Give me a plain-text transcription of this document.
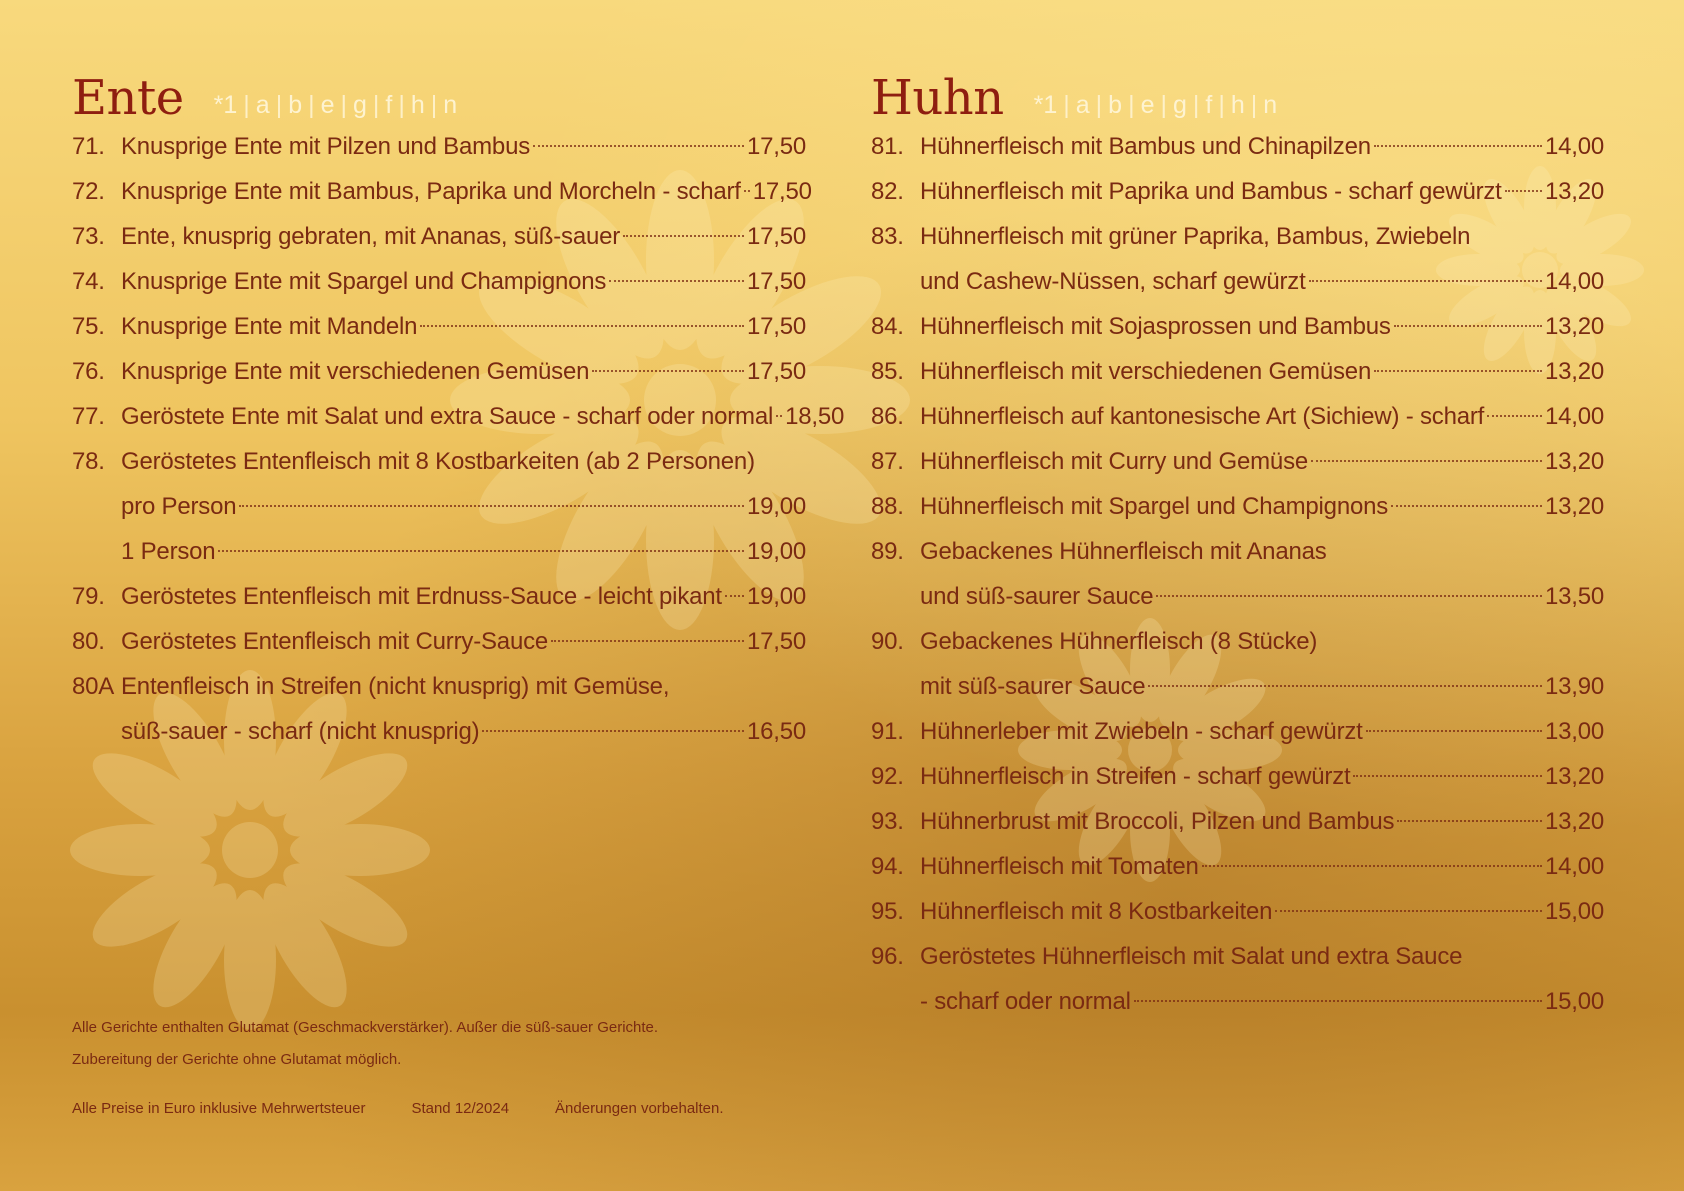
Ente *1 | a | b | e | g | f | h | n
71. Knusprige Ente mit Pilzen und Bambus	17,50
72. Knusprige Ente mit Bambus, Paprika und Morcheln - scharf 17,50
73. Ente, knusprig gebraten, mit Ananas, süß-sauer	17,50
74. Knusprige Ente mit Spargel und Champignons	17,50
75. Knusprige Ente mit Mandeln	17,50
76. Knusprige Ente mit verschiedenen Gemüsen	17,50
77. Geröstete Ente mit Salat und extra Sauce - scharf oder normal 18,50
78. Geröstetes Entenfleisch mit 8 Kostbarkeiten (ab 2 Personen)
pro Person	19,00
1 Person	19,00
79. Geröstetes Entenfleisch mit Erdnuss-Sauce - leicht pikant 19,00
80. Geröstetes Entenfleisch mit Curry-Sauce	17,50
80A Entenfleisch in Streifen (nicht knusprig) mit Gemüse,
süß-sauer - scharf (nicht knusprig)	16,50
Huhn *1 | a | b | e | g | f | h | n
81. Hühnerfleisch mit Bambus und Chinapilzen	14,00
82. Hühnerfleisch mit Paprika und Bambus - scharf gewürzt 13,20
83. Hühnerfleisch mit grüner Paprika, Bambus, Zwiebeln
und Cashew-Nüssen, scharf gewürzt	14,00
84. Hühnerfleisch mit Sojasprossen und Bambus	13,20
85. Hühnerfleisch mit verschiedenen Gemüsen	13,20
86. Hühnerfleisch auf kantonesische Art (Sichiew) - scharf	14,00
87. Hühnerfleisch mit Curry und Gemüse	13,20
88. Hühnerfleisch mit Spargel und Champignons	13,20
89. Gebackenes Hühnerfleisch mit Ananas
und süß-saurer Sauce	13,50
90. Gebackenes Hühnerfleisch (8 Stücke)
mit süß-saurer Sauce	13,90
91. Hühnerleber mit Zwiebeln - scharf gewürzt	13,00
92. Hühnerfleisch in Streifen - scharf gewürzt	13,20
93. Hühnerbrust mit Broccoli, Pilzen und Bambus	13,20
94. Hühnerfleisch mit Tomaten	14,00
95. Hühnerfleisch mit 8 Kostbarkeiten	15,00
96. Geröstetes Hühnerfleisch mit Salat und extra Sauce
- scharf oder normal	15,00
Alle Gerichte enthalten Glutamat (Geschmackverstärker). Außer die süß-sauer Gerichte.
Zubereitung der Gerichte ohne Glutamat möglich.
Alle Preise in Euro inklusive Mehrwertsteuer	Stand 12/2024	Änderungen vorbehalten.
